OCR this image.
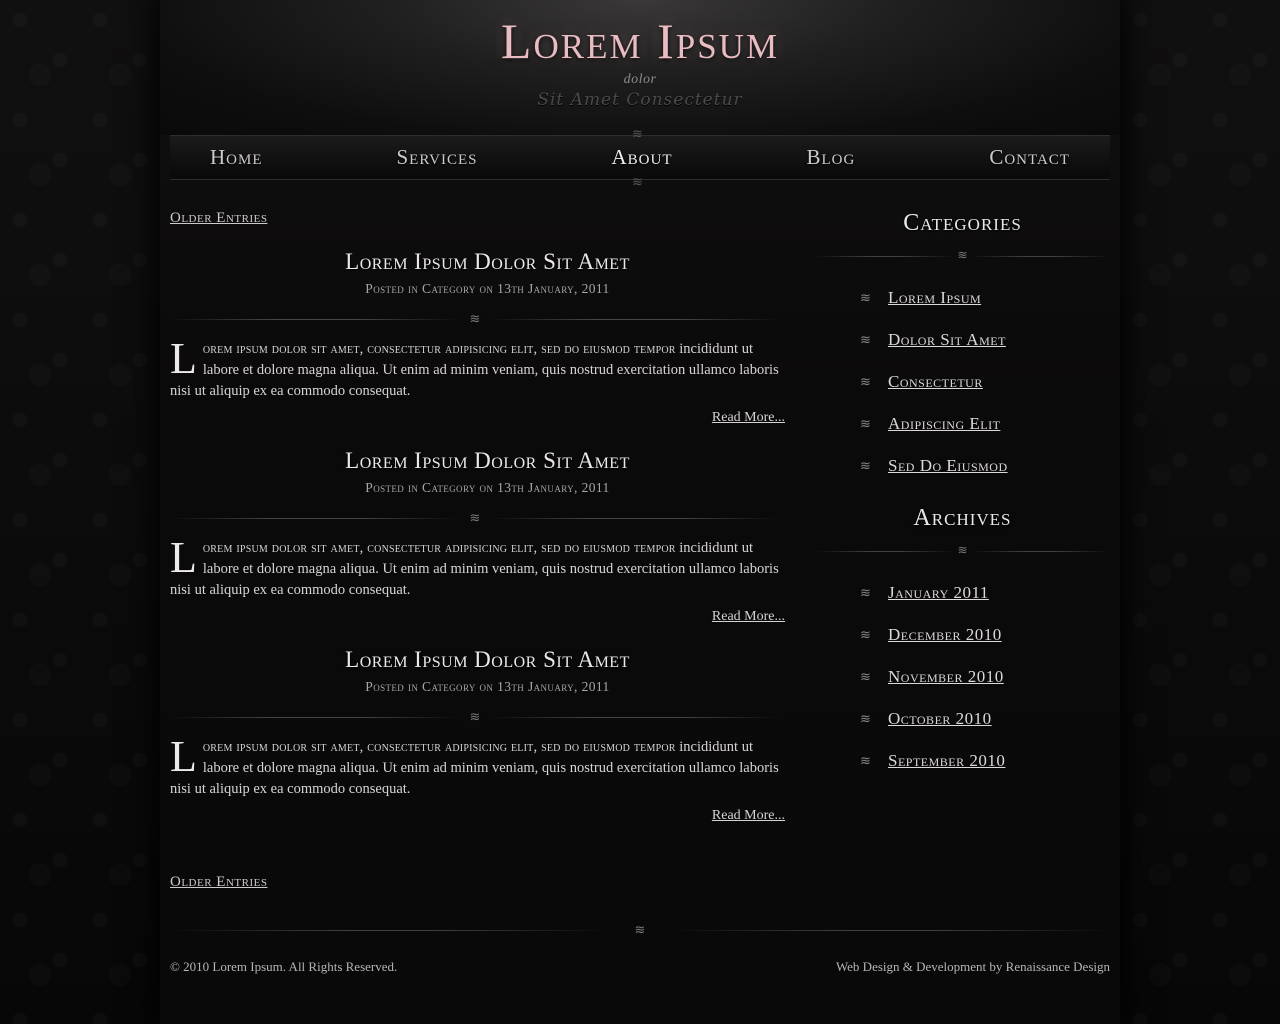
Lorem Ipsum
dolor
Sit Amet Consectetur
≋
Home	Services	About	Blog	Contact
≋
Older Entries
Lorem Ipsum Dolor Sit Amet
Posted in Category on 13th January, 2011
≋
Lorem ipsum dolor sit amet, consectetur adipisicing elit, sed do eiusmod tempor incididunt ut labore et dolore magna aliqua. Ut enim ad minim veniam, quis nostrud exercitation ullamco laboris nisi ut aliquip ex ea commodo consequat.
Read More...
Lorem Ipsum Dolor Sit Amet
Posted in Category on 13th January, 2011
≋
Lorem ipsum dolor sit amet, consectetur adipisicing elit, sed do eiusmod tempor incididunt ut labore et dolore magna aliqua. Ut enim ad minim veniam, quis nostrud exercitation ullamco laboris nisi ut aliquip ex ea commodo consequat.
Read More...
Lorem Ipsum Dolor Sit Amet
Posted in Category on 13th January, 2011
≋
Lorem ipsum dolor sit amet, consectetur adipisicing elit, sed do eiusmod tempor incididunt ut labore et dolore magna aliqua. Ut enim ad minim veniam, quis nostrud exercitation ullamco laboris nisi ut aliquip ex ea commodo consequat.
Read More...
Older Entries
Categories
≋
≋	Lorem Ipsum
≋	Dolor Sit Amet
≋	Consectetur
≋	Adipiscing Elit
≋	Sed Do Eiusmod
Archives
≋
≋	January 2011
≋	December 2010
≋	November 2010
≋	October 2010
≋	September 2010
≋
© 2010 Lorem Ipsum. All Rights Reserved.	Web Design & Development by Renaissance Design
